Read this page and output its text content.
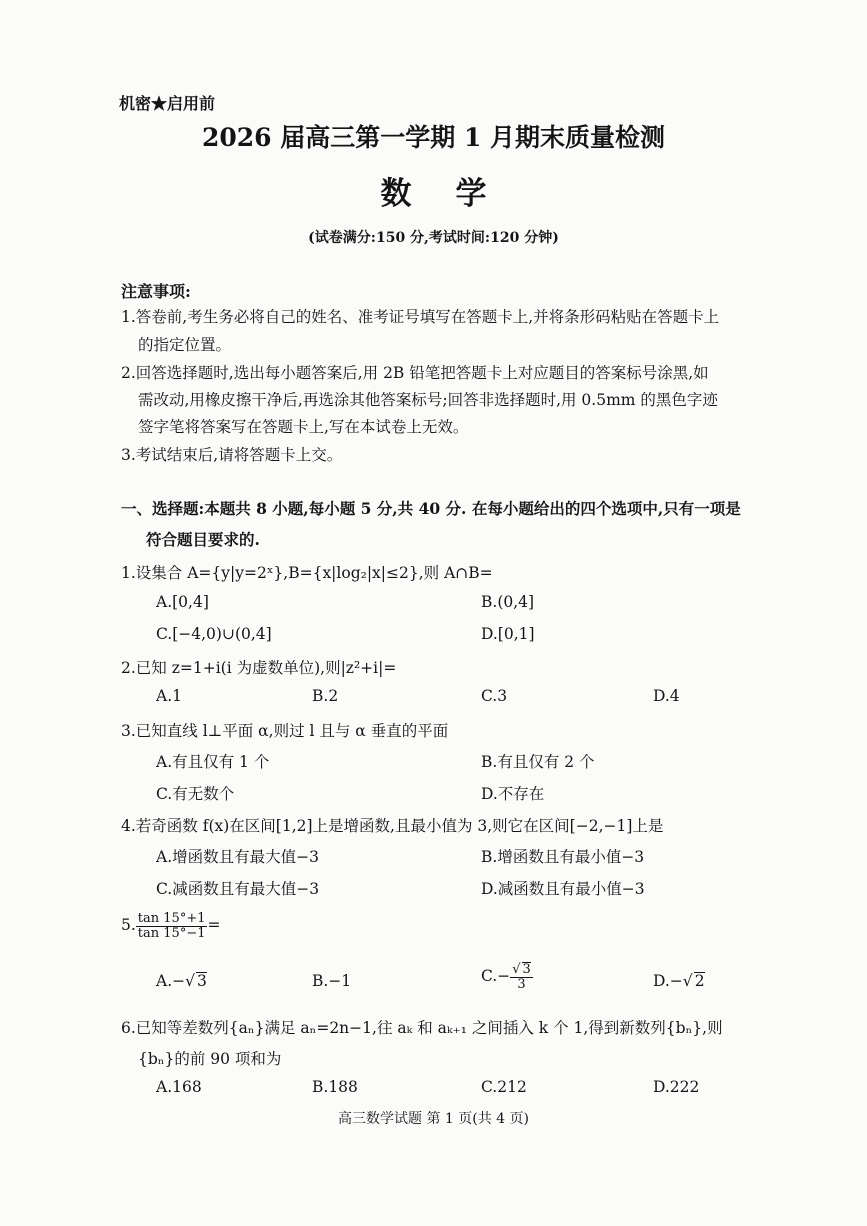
机密★启用前
2026 届高三第一学期 1 月期末质量检测
数学
(试卷满分:150 分,考试时间:120 分钟)
注意事项:
1.答卷前,考生务必将自己的姓名、准考证号填写在答题卡上,并将条形码粘贴在答题卡上
的指定位置。
2.回答选择题时,选出每小题答案后,用 2B 铅笔把答题卡上对应题目的答案标号涂黑,如
需改动,用橡皮擦干净后,再选涂其他答案标号;回答非选择题时,用 0.5mm 的黑色字迹
签字笔将答案写在答题卡上,写在本试卷上无效。
3.考试结束后,请将答题卡上交。
一、选择题:本题共 8 小题,每小题 5 分,共 40 分. 在每小题给出的四个选项中,只有一项是
符合题目要求的.
1.设集合 A={y|y=2ˣ},B={x|log₂|x|≤2},则 A∩B=
A.[0,4]	B.(0,4]
C.[−4,0)∪(0,4]	D.[0,1]
2.已知 z=1+i(i 为虚数单位),则|z²+i|=
A.1	B.2	C.3	D.4
3.已知直线 l⊥平面 α,则过 l 且与 α 垂直的平面
A.有且仅有 1 个	B.有且仅有 2 个
C.有无数个	D.不存在
4.若奇函数 f(x)在区间[1,2]上是增函数,且最小值为 3,则它在区间[−2,−1]上是
A.增函数且有最大值−3	B.增函数且有最小值−3
C.减函数且有最大值−3	D.减函数且有最小值−3
5. $\frac{\tan 15^\circ+1}{\tan 15^\circ-1}$ =
A.−√ 3	B.−1	$C.- \frac{√ 3}{3}$	D.−√ 2
6.已知等差数列{aₙ}满足 aₙ=2n−1,往 aₖ 和 aₖ₊₁ 之间插入 k 个 1,得到新数列{bₙ},则
{bₙ}的前 90 项和为
A.168	B.188	C.212	D.222
高三数学试题 第 1 页(共 4 页)
